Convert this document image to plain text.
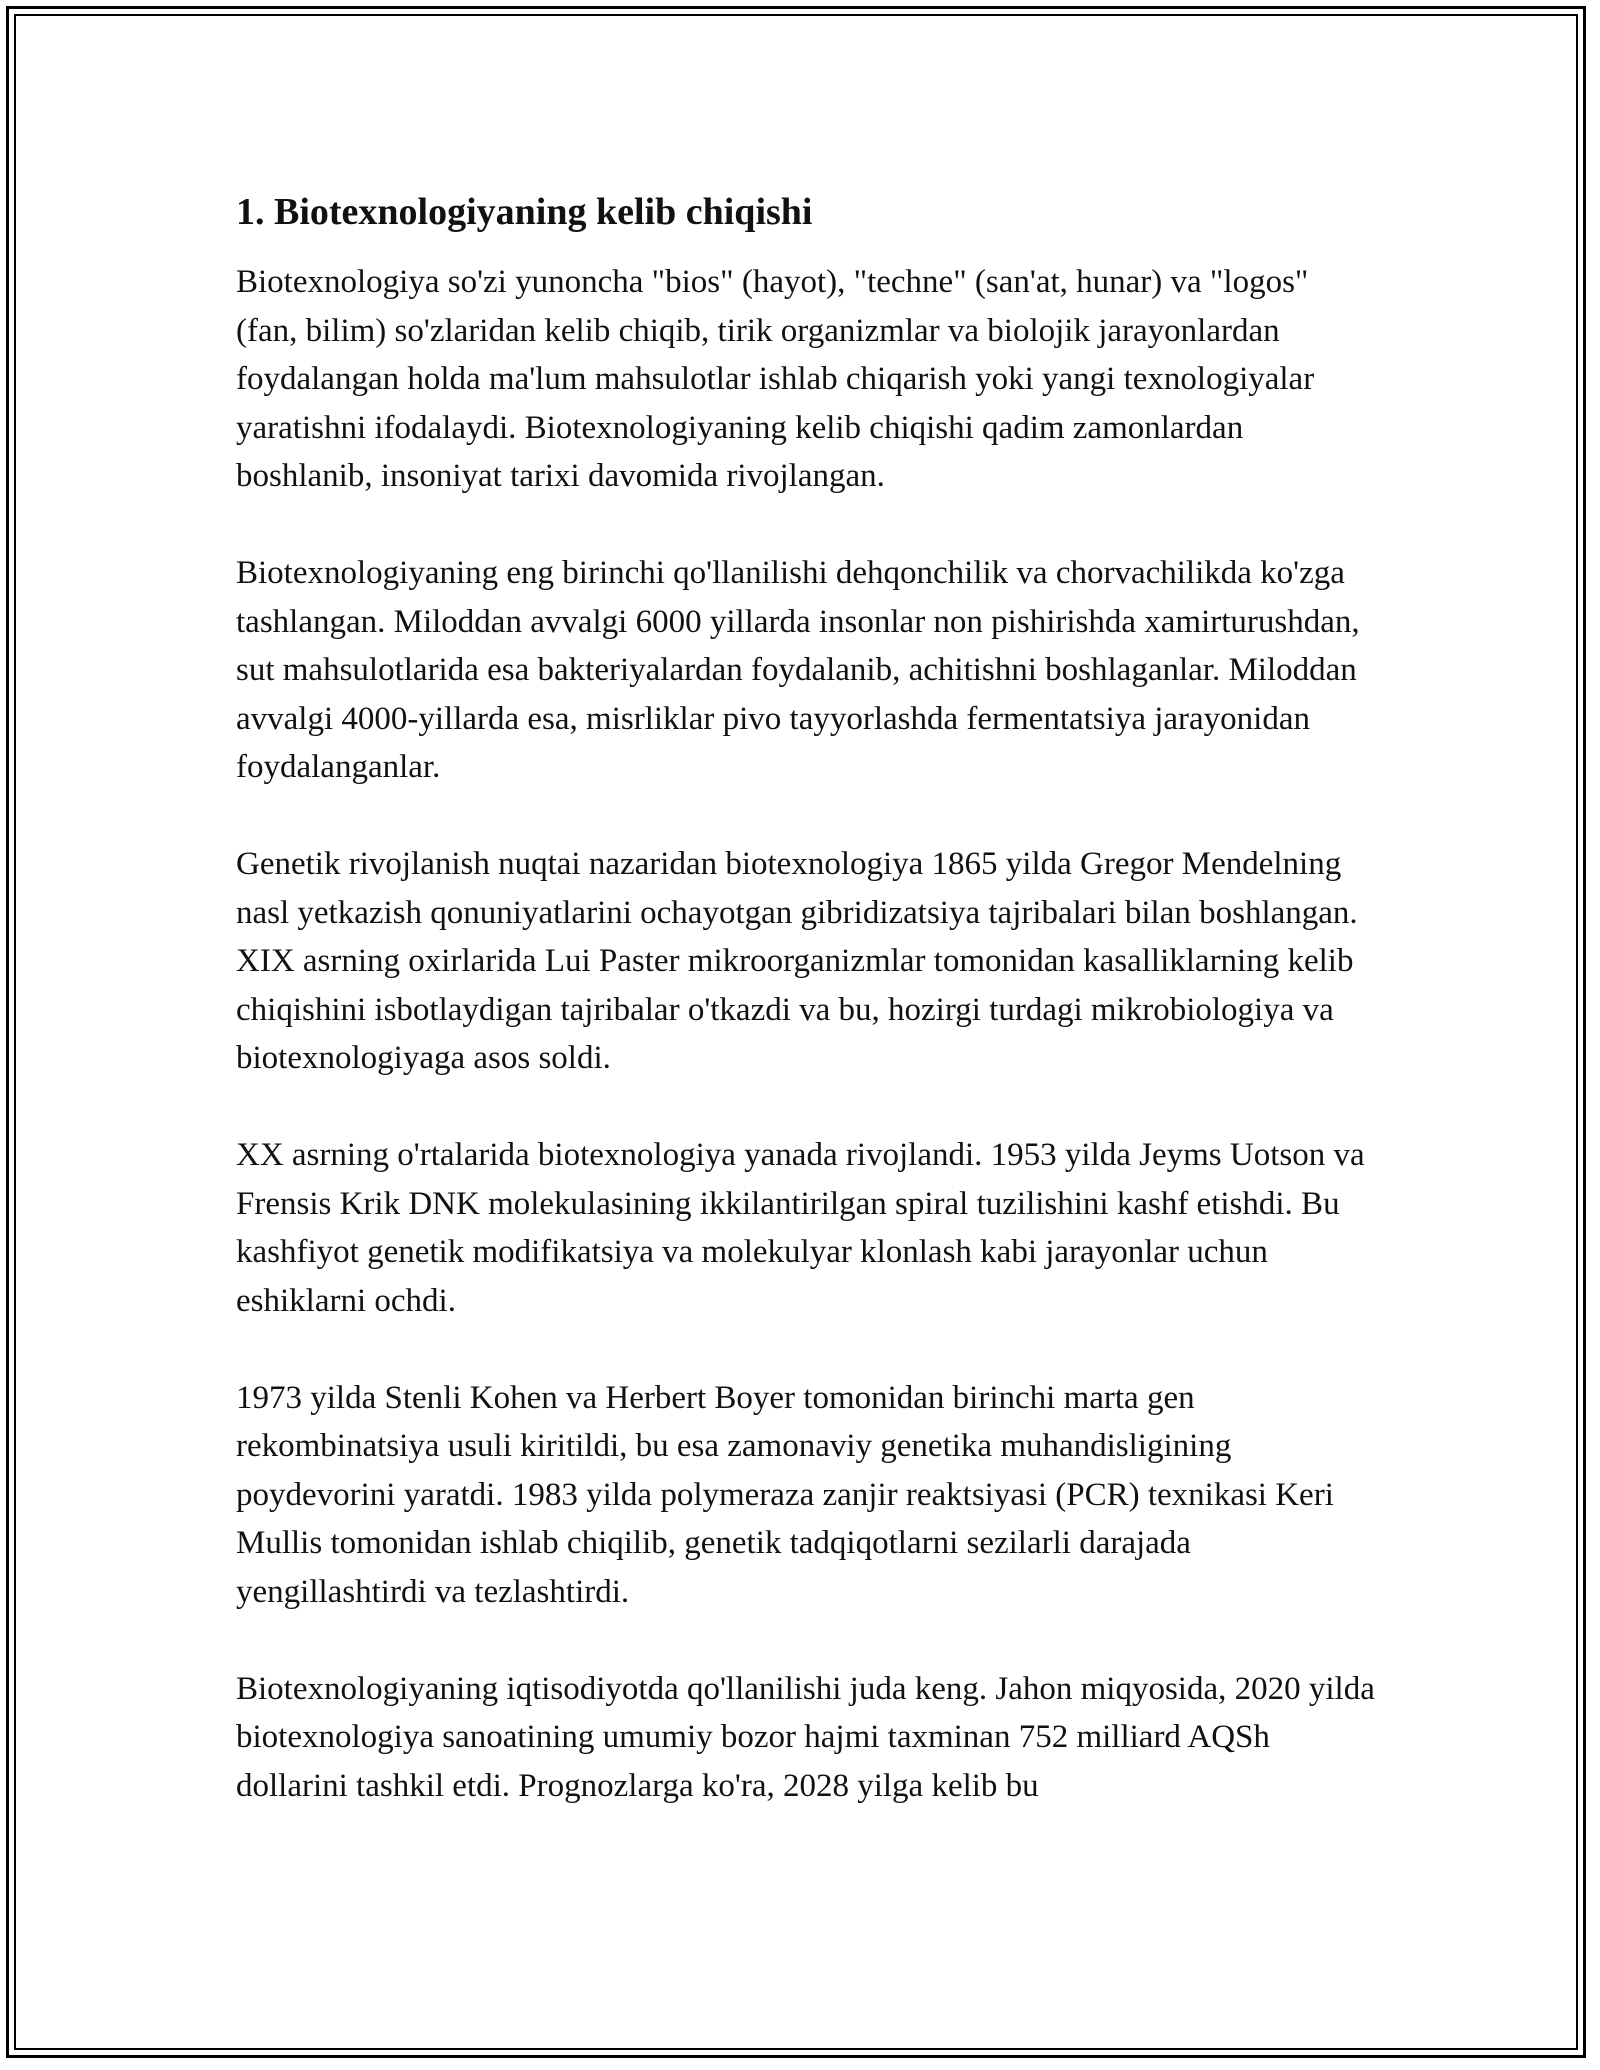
1. Biotexnologiyaning kelib chiqishi

Biotexnologiya so'zi yunoncha "bios" (hayot), "techne" (san'at, hunar) va "logos" (fan, bilim) so'zlaridan kelib chiqib, tirik organizmlar va biolojik jarayonlardan foydalangan holda ma'lum mahsulotlar ishlab chiqarish yoki yangi texnologiyalar yaratishni ifodalaydi. Biotexnologiyaning kelib chiqishi qadim zamonlardan boshlanib, insoniyat tarixi davomida rivojlangan.

Biotexnologiyaning eng birinchi qo'llanilishi dehqonchilik va chorvachilikda ko'zga tashlangan. Miloddan avvalgi 6000 yillarda insonlar non pishirishda xamirturushdan, sut mahsulotlarida esa bakteriyalardan foydalanib, achitishni boshlaganlar. Miloddan avvalgi 4000-yillarda esa, misrliklar pivo tayyorlashda fermentatsiya jarayonidan foydalanganlar.

Genetik rivojlanish nuqtai nazaridan biotexnologiya 1865 yilda Gregor Mendelning nasl yetkazish qonuniyatlarini ochayotgan gibridizatsiya tajribalari bilan boshlangan. XIX asrning oxirlarida Lui Paster mikroorganizmlar tomonidan kasalliklarning kelib chiqishini isbotlaydigan tajribalar o'tkazdi va bu, hozirgi turdagi mikrobiologiya va biotexnologiyaga asos soldi.

XX asrning o'rtalarida biotexnologiya yanada rivojlandi. 1953 yilda Jeyms Uotson va Frensis Krik DNK molekulasining ikkilantirilgan spiral tuzilishini kashf etishdi. Bu kashfiyot genetik modifikatsiya va molekulyar klonlash kabi jarayonlar uchun eshiklarni ochdi.

1973 yilda Stenli Kohen va Herbert Boyer tomonidan birinchi marta gen rekombinatsiya usuli kiritildi, bu esa zamonaviy genetika muhandisligining poydevorini yaratdi. 1983 yilda polymeraza zanjir reaktsiyasi (PCR) texnikasi Keri Mullis tomonidan ishlab chiqilib, genetik tadqiqotlarni sezilarli darajada yengillashtirdi va tezlashtirdi.

Biotexnologiyaning iqtisodiyotda qo'llanilishi juda keng. Jahon miqyosida, 2020 yilda biotexnologiya sanoatining umumiy bozor hajmi taxminan 752 milliard AQSh dollarini tashkil etdi. Prognozlarga ko'ra, 2028 yilga kelib bu
